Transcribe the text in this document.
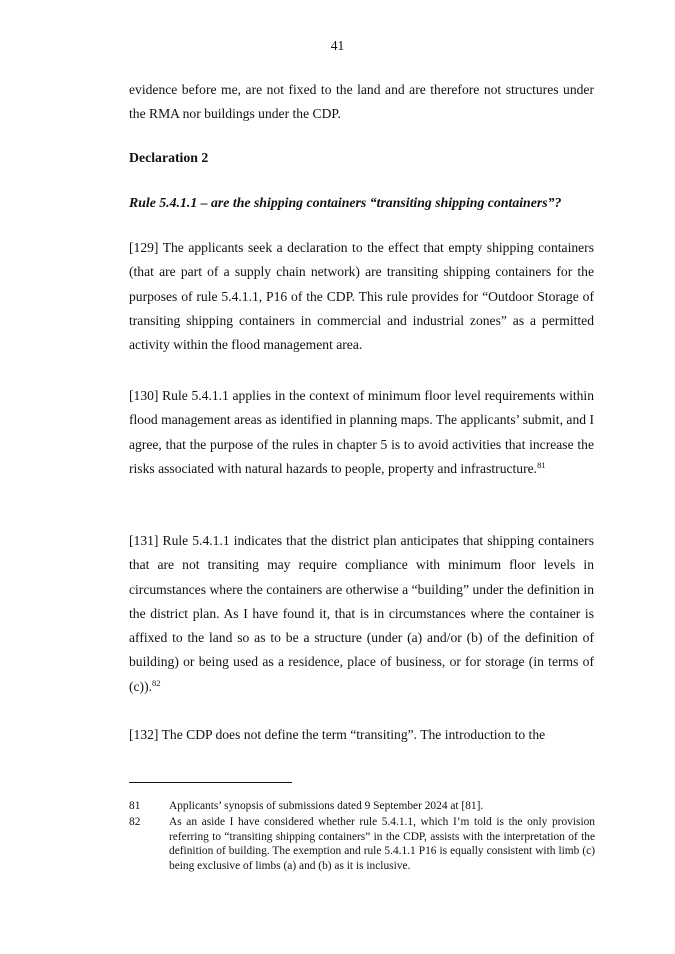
41

evidence before me, are not fixed to the land and are therefore not structures under the RMA nor buildings under the CDP.

Declaration 2
Rule 5.4.1.1 – are the shipping containers “transiting shipping containers”?

[129] The applicants seek a declaration to the effect that empty shipping containers (that are part of a supply chain network) are transiting shipping containers for the purposes of rule 5.4.1.1, P16 of the CDP. This rule provides for “Outdoor Storage of transiting shipping containers in commercial and industrial zones” as a permitted activity within the flood management area.

[130] Rule 5.4.1.1 applies in the context of minimum floor level requirements within flood management areas as identified in planning maps. The applicants’ submit, and I agree, that the purpose of the rules in chapter 5 is to avoid activities that increase the risks associated with natural hazards to people, property and infrastructure.$^{81}$

[131] Rule 5.4.1.1 indicates that the district plan anticipates that shipping containers that are not transiting may require compliance with minimum floor levels in circumstances where the containers are otherwise a “building” under the definition in the district plan. As I have found it, that is in circumstances where the container is affixed to the land so as to be a structure (under (a) and/or (b) of the definition of building) or being used as a residence, place of business, or for storage (in terms of (c)).$^{82}$

[132] The CDP does not define the term “transiting”. The introduction to the

81	Applicants’ synopsis of submissions dated 9 September 2024 at [81].

82	As an aside I have considered whether rule 5.4.1.1, which I’m told is the only provision referring to “transiting shipping containers” in the CDP, assists with the interpretation of the definition of building. The exemption and rule 5.4.1.1 P16 is equally consistent with limb (c) being exclusive of limbs (a) and (b) as it is inclusive.
